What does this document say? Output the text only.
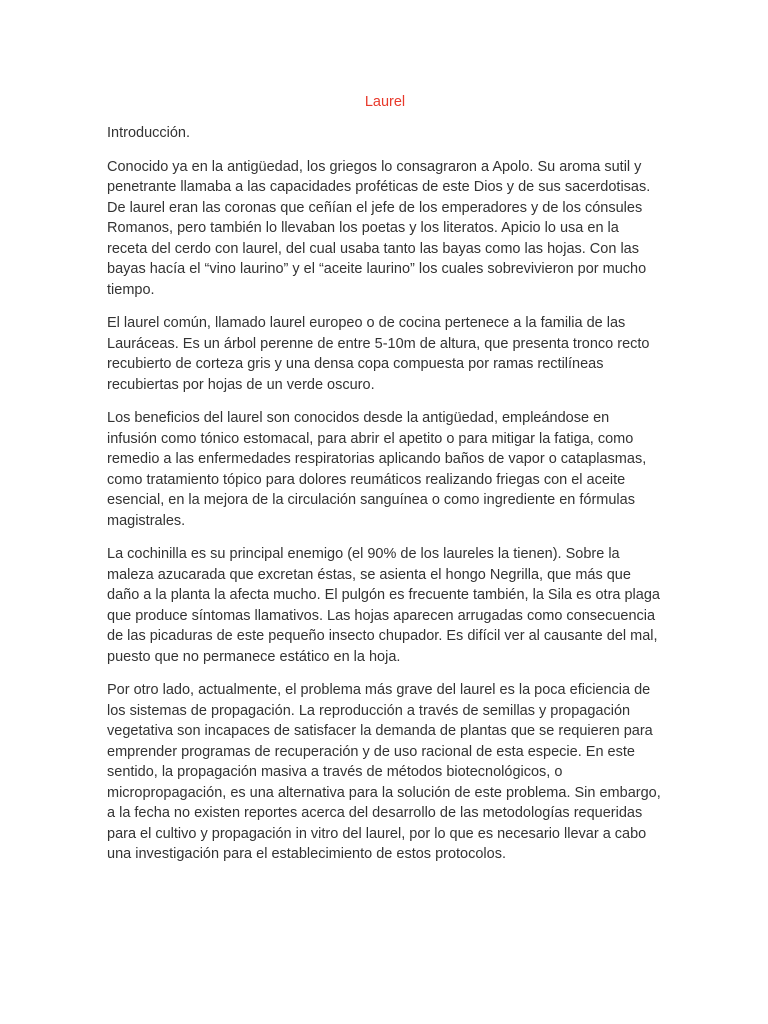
Laurel

Introducción.

Conocido ya en la antigüedad, los griegos lo consagraron a Apolo. Su aroma sutil y penetrante llamaba a las capacidades proféticas de este Dios y de sus sacerdotisas. De laurel eran las coronas que ceñían el jefe de los emperadores y de los cónsules Romanos, pero también lo llevaban los poetas y los literatos. Apicio lo usa en la receta del cerdo con laurel, del cual usaba tanto las bayas como las hojas. Con las bayas hacía el “vino laurino” y el “aceite laurino” los cuales sobrevivieron por mucho tiempo.

El laurel común, llamado laurel europeo o de cocina pertenece a la familia de las Lauráceas. Es un árbol perenne de entre 5-10m de altura, que presenta tronco recto recubierto de corteza gris y una densa copa compuesta por ramas rectilíneas recubiertas por hojas de un verde oscuro.

Los beneficios del laurel son conocidos desde la antigüedad, empleándose en infusión como tónico estomacal, para abrir el apetito o para mitigar la fatiga, como remedio a las enfermedades respiratorias aplicando baños de vapor o cataplasmas, como tratamiento tópico para dolores reumáticos realizando friegas con el aceite esencial, en la mejora de la circulación sanguínea o como ingrediente en fórmulas magistrales.

La cochinilla es su principal enemigo (el 90% de los laureles la tienen). Sobre la maleza azucarada que excretan éstas, se asienta el hongo Negrilla, que más que daño a la planta la afecta mucho. El pulgón es frecuente también, la Sila es otra plaga que produce síntomas llamativos. Las hojas aparecen arrugadas como consecuencia de las picaduras de este pequeño insecto chupador. Es difícil ver al causante del mal, puesto que no permanece estático en la hoja.

Por otro lado, actualmente, el problema más grave del laurel es la poca eficiencia de los sistemas de propagación. La reproducción a través de semillas y propagación vegetativa son incapaces de satisfacer la demanda de plantas que se requieren para emprender programas de recuperación y de uso racional de esta especie. En este sentido, la propagación masiva a través de métodos biotecnológicos, o micropropagación, es una alternativa para la solución de este problema. Sin embargo, a la fecha no existen reportes acerca del desarrollo de las metodologías requeridas para el cultivo y propagación in vitro del laurel, por lo que es necesario llevar a cabo una investigación para el establecimiento de estos protocolos.
